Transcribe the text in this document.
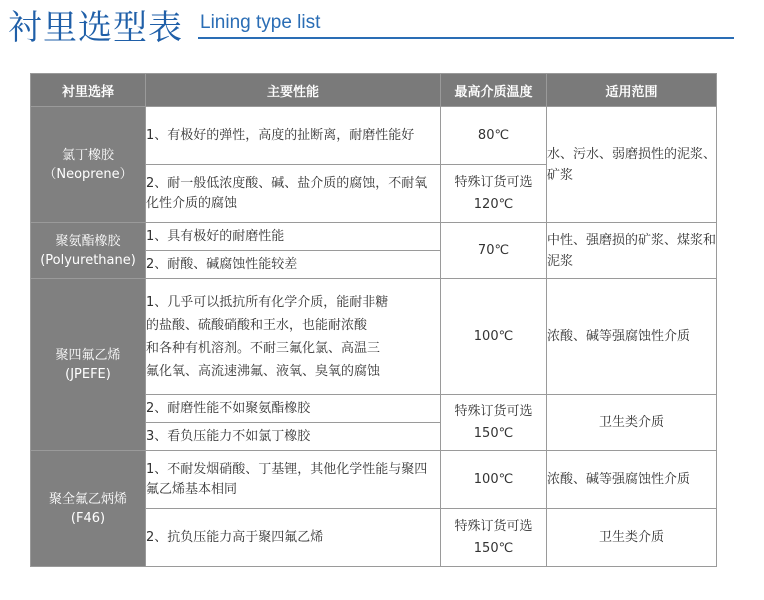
衬里选型表 Lining type list
衬里选择	主要性能	最高介质温度	适用范围

氯丁橡胶
（Neoprene）	1、有极好的弹性，高度的扯断离，耐磨性能好	80℃	水、污水、弱磨损性的泥浆、矿浆
	2、耐一般低浓度酸、碱、盐介质的腐蚀，不耐氧化性介质的腐蚀	特殊订货可选
120℃	

聚氨酯橡胶
(Polyurethane)	1、具有极好的耐磨性能	70℃	中性、强磨损的矿浆、煤浆和泥浆
	2、耐酸、碱腐蚀性能较差		

聚四氟乙烯
(JPEFE)	1、几乎可以抵抗所有化学介质，能耐非糖
的盐酸、硫酸硝酸和王水，也能耐浓酸
和各种有机溶剂。不耐三氟化氯、高温三
氟化氧、高流速沸氟、液氧、臭氧的腐蚀	100℃	浓酸、碱等强腐蚀性介质
	2、耐磨性能不如聚氨酯橡胶	特殊订货可选
150℃	卫生类介质
	3、看负压能力不如氯丁橡胶		

聚全氟乙炳烯
(F46)	1、不耐发烟硝酸、丁基锂，其他化学性能与聚四氟乙烯基本相同	100℃	浓酸、碱等强腐蚀性介质
	2、抗负压能力高于聚四氟乙烯	特殊订货可选
150℃	卫生类介质
